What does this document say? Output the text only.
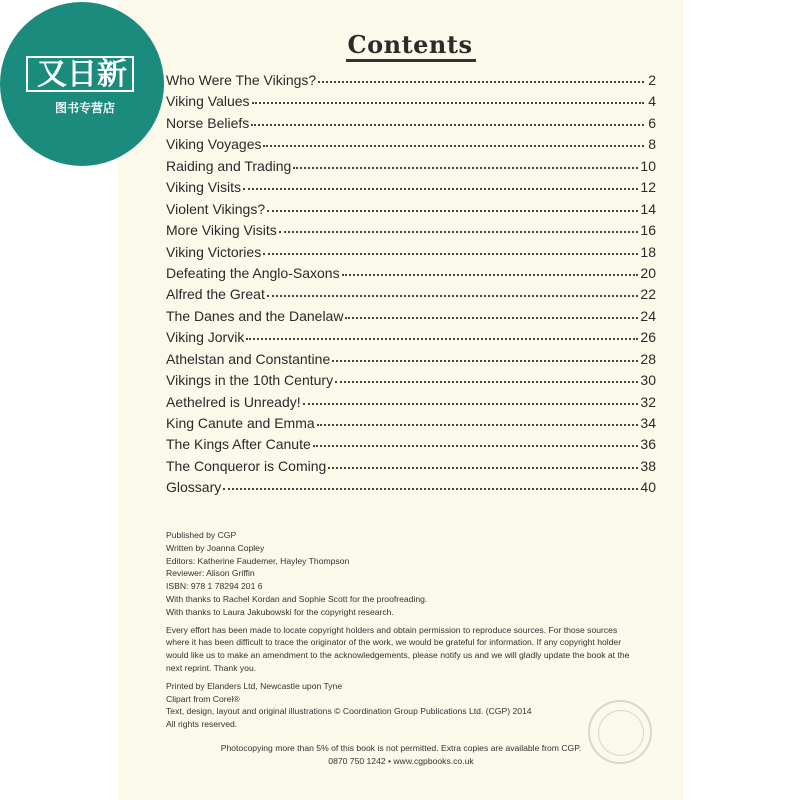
又日新
图书专营店
Contents
Who Were The Vikings?	2
Viking Values	4
Norse Beliefs	6
Viking Voyages	8
Raiding and Trading	10
Viking Visits	12
Violent Vikings?	14
More Viking Visits	16
Viking Victories	18
Defeating the Anglo-Saxons	20
Alfred the Great	22
The Danes and the Danelaw	24
Viking Jorvik	26
Athelstan and Constantine	28
Vikings in the 10th Century	30
Aethelred is Unready!	32
King Canute and Emma	34
The Kings After Canute	36
The Conqueror is Coming	38
Glossary	40
Published by CGP
Written by Joanna Copley
Editors: Katherine Faudemer, Hayley Thompson
Reviewer: Alison Griffin
ISBN: 978 1 78294 201 6
With thanks to Rachel Kordan and Sophie Scott for the proofreading.
With thanks to Laura Jakubowski for the copyright research.
Every effort has been made to locate copyright holders and obtain permission to reproduce sources. For those sources
where it has been difficult to trace the originator of the work, we would be grateful for information. If any copyright holder
would like us to make an amendment to the acknowledgements, please notify us and we will gladly update the book at the
next reprint. Thank you.
Printed by Elanders Ltd, Newcastle upon Tyne
Clipart from Corel®
Text, design, layout and original illustrations © Coordination Group Publications Ltd. (CGP) 2014
All rights reserved.
Photocopying more than 5% of this book is not permitted. Extra copies are available from CGP.
0870 750 1242 • www.cgpbooks.co.uk
